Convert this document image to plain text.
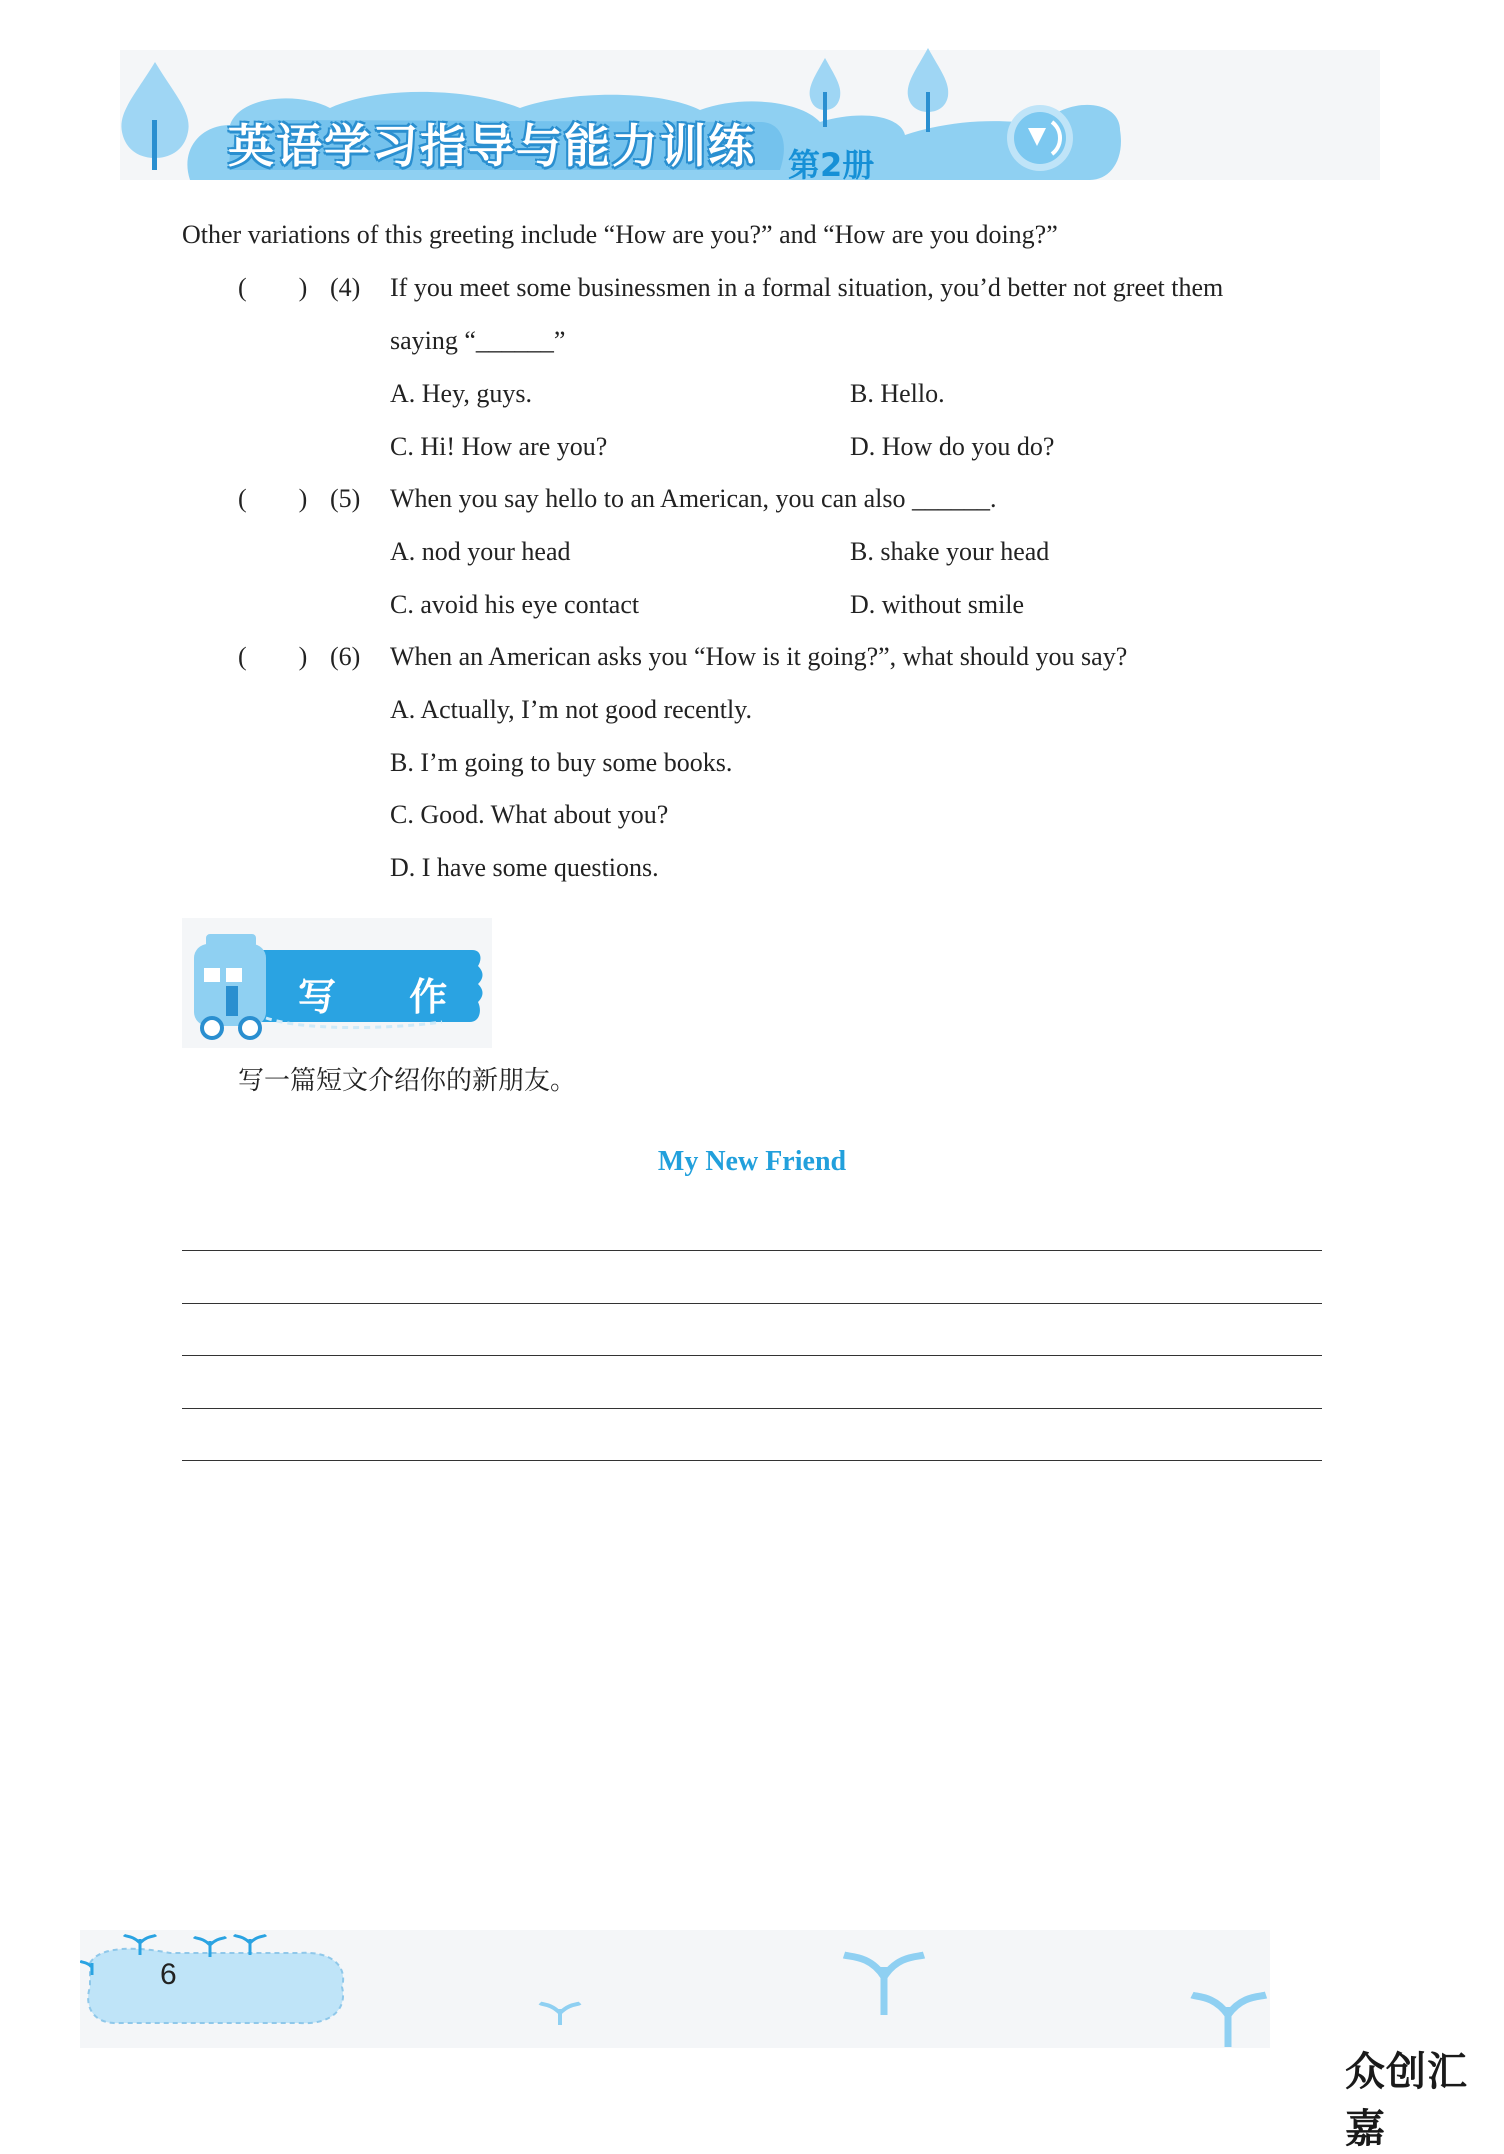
英语学习指导与能力训练 第2册
Other variations of this greeting include “How are you?” and “How are you doing?”
(　　) (4) If you meet some businessmen in a formal situation, you’d better not greet them
saying “______”
A. Hey, guys.	B. Hello.
C. Hi! How are you?	D. How do you do?
(　　) (5) When you say hello to an American, you can also ______.
A. nod your head	B. shake your head
C. avoid his eye contact	D. without smile
(　　) (6) When an American asks you “How is it going?”, what should you say?
A. Actually, I’m not good recently.
B. I’m going to buy some books.
C. Good. What about you?
D. I have some questions.
写 作
写一篇短文介绍你的新朋友。
My New Friend
6
众创汇嘉
